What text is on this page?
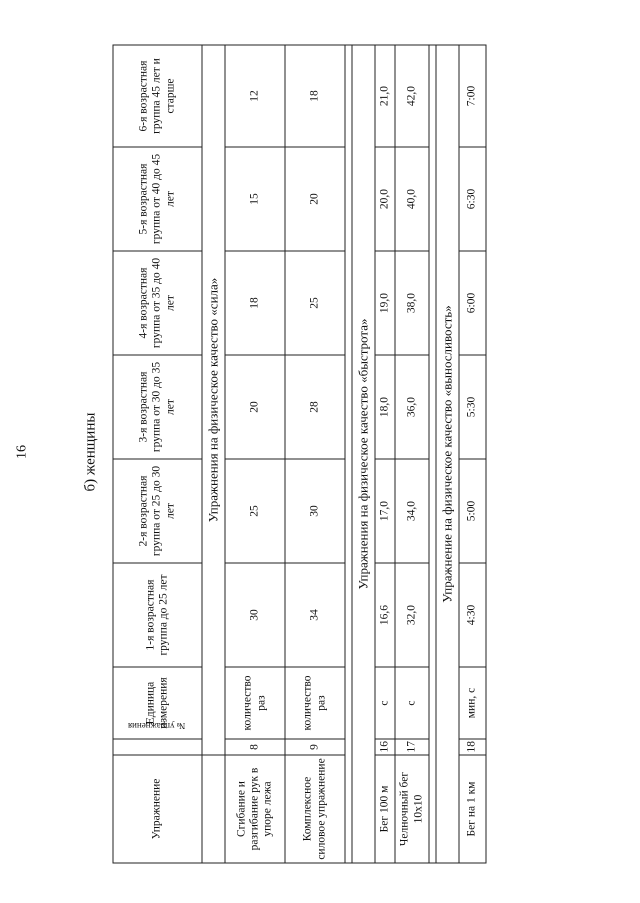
16	б) женщины
Упражнение	№ упражнения	Единица измерения	1-я возрастная группа до 25 лет	2-я возрастная группа от 25 до 30 лет	3-я возрастная группа от 30 до 35 лет	4-я возрастная группа от 35 до 40 лет	5-я возрастная группа от 40 до 45 лет	6-я возрастная группа 45 лет и старше
	Упражнения на физическое качество «сила»							
Сгибание и разгибание рук в упоре лежа	8	количество раз	30	25	20	18	15	12
Комплексное силовое упражнение	9	количество раз	34	30	28	25	20	18

Упражнения на физическое качество «быстрота»								
Бег 100 м	16	с	16,6	17,0	18,0	19,0	20,0	21,0
Челночный бег 10х10	17	с	32,0	34,0	36,0	38,0	40,0	42,0

Упражнение на физическое качество «выносливость»								
Бег на 1 км	18	мин, с	4:30	5:00	5:30	6:00	6:30	7:00
